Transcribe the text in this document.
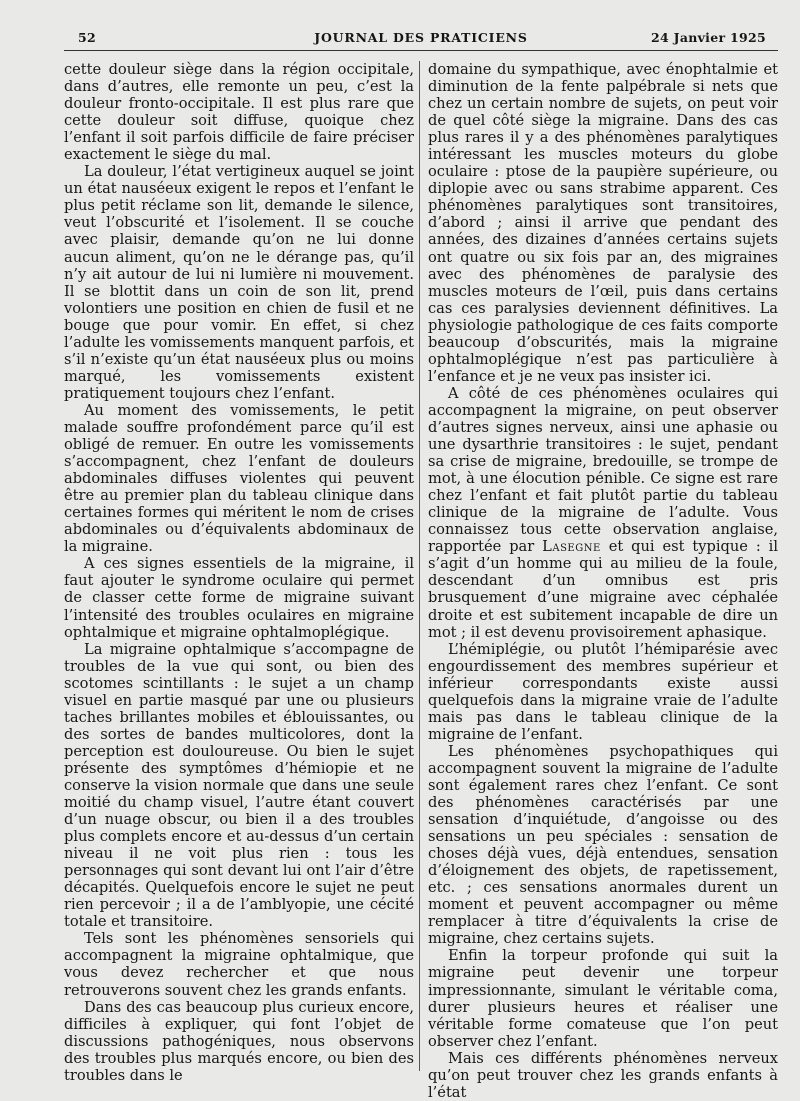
52	JOURNAL DES PRATICIENS	24 Janvier 1925

cette douleur siège dans la région occipitale, dans d’autres, elle remonte un peu, c’est la douleur fronto-occipitale. Il est plus rare que cette douleur soit diffuse, quoique chez l’enfant il soit parfois difficile de faire préciser exactement le siège du mal.

La douleur, l’état vertigineux auquel se joint un état nauséeux exigent le repos et l’enfant le plus petit réclame son lit, demande le silence, veut l’obscurité et l’isolement. Il se couche avec plaisir, demande qu’on ne lui donne aucun aliment, qu’on ne le dérange pas, qu’il n’y ait autour de lui ni lumière ni mouvement. Il se blottit dans un coin de son lit, prend volontiers une position en chien de fusil et ne bouge que pour vomir. En effet, si chez l’adulte les vomissements manquent parfois, et s’il n’existe qu’un état nauséeux plus ou moins marqué, les vomissements existent pratiquement toujours chez l’enfant.

Au moment des vomissements, le petit malade souffre profondément parce qu’il est obligé de remuer. En outre les vomissements s’accompagnent, chez l’enfant de douleurs abdominales diffuses violentes qui peuvent être au premier plan du tableau clinique dans certaines formes qui méritent le nom de crises abdominales ou d’équivalents abdominaux de la migraine.

A ces signes essentiels de la migraine, il faut ajouter le syndrome oculaire qui permet de classer cette forme de migraine suivant l’intensité des troubles oculaires en migraine ophtalmique et migraine ophtalmoplégique.

La migraine ophtalmique s’accompagne de troubles de la vue qui sont, ou bien des scotomes scintillants : le sujet a un champ visuel en partie masqué par une ou plusieurs taches brillantes mobiles et éblouissantes, ou des sortes de bandes multicolores, dont la perception est douloureuse. Ou bien le sujet présente des symptômes d’hémiopie et ne conserve la vision normale que dans une seule moitié du champ visuel, l’autre étant couvert d’un nuage obscur, ou bien il a des troubles plus complets encore et au-dessus d’un certain niveau il ne voit plus rien : tous les personnages qui sont devant lui ont l’air d’être décapités. Quelquefois encore le sujet ne peut rien percevoir ; il a de l’amblyopie, une cécité totale et transitoire.

Tels sont les phénomènes sensoriels qui accompagnent la migraine ophtalmique, que vous devez rechercher et que nous retrouverons souvent chez les grands enfants.

Dans des cas beaucoup plus curieux encore, difficiles à expliquer, qui font l’objet de discussions pathogéniques, nous observons des troubles plus marqués encore, ou bien des troubles dans le

domaine du sympathique, avec énophtalmie et diminution de la fente palpébrale si nets que chez un certain nombre de sujets, on peut voir de quel côté siège la migraine. Dans des cas plus rares il y a des phénomènes paralytiques intéressant les muscles moteurs du globe oculaire : ptose de la paupière supérieure, ou diplopie avec ou sans strabime apparent. Ces phénomènes paralytiques sont transitoires, d’abord ; ainsi il arrive que pendant des années, des dizaines d’années certains sujets ont quatre ou six fois par an, des migraines avec des phénomènes de paralysie des muscles moteurs de l’œil, puis dans certains cas ces paralysies deviennent définitives. La physiologie pathologique de ces faits comporte beaucoup d’obscurités, mais la migraine ophtalmoplégique n’est pas particulière à l’enfance et je ne veux pas insister ici.

A côté de ces phénomènes oculaires qui accompagnent la migraine, on peut observer d’autres signes nerveux, ainsi une aphasie ou une dysarthrie transitoires : le sujet, pendant sa crise de migraine, bredouille, se trompe de mot, à une élocution pénible. Ce signe est rare chez l’enfant et fait plutôt partie du tableau clinique de la migraine de l’adulte. Vous connaissez tous cette observation anglaise, rapportée par Lasegne et qui est typique : il s’agit d’un homme qui au milieu de la foule, descendant d’un omnibus est pris brusquement d’une migraine avec céphalée droite et est subitement incapable de dire un mot ; il est devenu provisoirement aphasique.

L’hémiplégie, ou plutôt l’hémiparésie avec engourdissement des membres supérieur et inférieur correspondants existe aussi quelquefois dans la migraine vraie de l’adulte mais pas dans le tableau clinique de la migraine de l’enfant.

Les phénomènes psychopathiques qui accompagnent souvent la migraine de l’adulte sont également rares chez l’enfant. Ce sont des phénomènes caractérisés par une sensation d’inquiétude, d’angoisse ou des sensations un peu spéciales : sensation de choses déjà vues, déjà entendues, sensation d’éloignement des objets, de rapetissement, etc. ; ces sensations anormales durent un moment et peuvent accompagner ou même remplacer à titre d’équivalents la crise de migraine, chez certains sujets.

Enfin la torpeur profonde qui suit la migraine peut devenir une torpeur impressionnante, simulant le véritable coma, durer plusieurs heures et réaliser une véritable forme comateuse que l’on peut observer chez l’enfant.

Mais ces différents phénomènes nerveux qu’on peut trouver chez les grands enfants à l’état
